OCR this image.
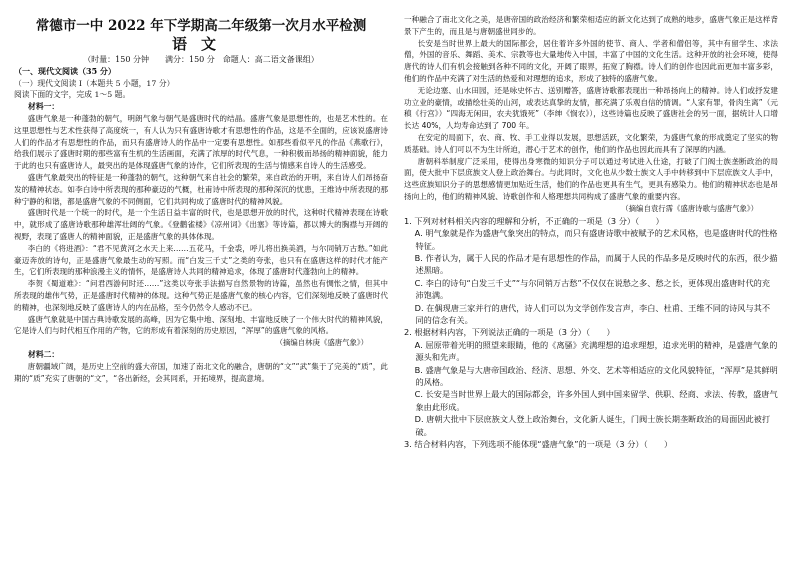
常德市一中 2022 年下学期高二年级第一次月水平检测
语文
（时量：150 分钟　　满分：150 分　命题人：高二语文备课组）
（一、现代文阅读（35 分）
（一）现代文阅读 I（本题共 5 小题，17 分）
阅读下面的文字，完成 1～5 题。
材料一：

盛唐气象是一种蓬勃的朝气，明朗气象与朝气是盛唐时代的结晶。盛唐气象是思想性的，也是艺术性的。在这里思想性与艺术性获得了高度统一，有人认为只有盛唐诗歌才有思想性的作品，这是不全面的，应该说盛唐诗人们的作品才有思想性的作品，而只有盛唐诗人的作品中一定要有思想性。如那些看似平凡的作品《燕歌行》，给我们展示了盛唐时期的那些富有生机的生活画面，充满了浓厚的时代气息，一种积极而昂扬的精神面貌，能力于此的也只有盛唐诗人，最突出的是体现盛唐气象的诗作，它们所表现的生活与情感来自诗人的生活感受。

盛唐气象最突出的特征是一种蓬勃的朝气，这种朝气来自社会的繁荣，来自政治的开明，来自诗人们昂扬奋发的精神状态。如李白诗中所表现的那种豪迈的气概，杜甫诗中所表现的那种深沉的忧患，王维诗中所表现的那种宁静的和谐，都是盛唐气象的不同侧面，它们共同构成了盛唐时代的精神风貌。

盛唐时代是一个统一的时代，是一个生活日益丰富的时代，也是思想开放的时代，这种时代精神表现在诗歌中，就形成了盛唐诗歌那种雄浑壮阔的气象。《登鹳雀楼》《凉州词》《出塞》等诗篇，都以博大的胸襟与开阔的视野，表现了盛唐人的精神面貌，正是盛唐气象的具体体现。

李白的《将进酒》：“君不见黄河之水天上来……五花马，千金裘，呼儿将出换美酒，与尔同销万古愁。”如此豪迈奔放的诗句，正是盛唐气象最生动的写照。而“白发三千丈”之类的夸张，也只有在盛唐这样的时代才能产生，它们所表现的那种浪漫主义的情怀，是盛唐诗人共同的精神追求，体现了盛唐时代蓬勃向上的精神。

李贺《蜀道难》：“问君西游何时还……”这类以夸张手法描写自然景物的诗篇，虽然也有惆怅之情，但其中所表现的雄伟气势，正是盛唐时代精神的体现。这种气势正是盛唐气象的核心内容，它们深刻地反映了盛唐时代的精神，也深刻地反映了盛唐诗人的内在品格，至今仍然令人感动不已。

盛唐气象就是中国古典诗歌发展的高峰，因为它集中地、深刻地、丰富地反映了一个伟大时代的精神风貌，它是诗人们与时代相互作用的产物，它的形成有着深刻的历史原因，“浑厚”的盛唐气象的风格。

（摘编自林庚《盛唐气象》）
材料二：

唐朝疆域广阔，是历史上空前的盛大帝国，加速了南北文化的融合，唐朝的“文”“武”集于了完美的“质”，此期的“质”充实了唐朝的“文”，“各出新经，会其同系，开拓境界，提高意境。

一种融合了南北文化之美，是唐帝国的政治经济和繁荣相适应的新文化达到了成熟的地步，盛唐气象正是这样背景下产生的，而且是与唐朝盛世同步的。

长安是当时世界上最大的国际都会，居住着许多外国的使节、商人、学者和僧侣等，其中有留学生、求法僧，外国的音乐、舞蹈、美术、宗教等也大量地传入中国，丰富了中国的文化生活。这种开放的社会环境，使得唐代的诗人们有机会接触到各种不同的文化，开阔了眼界，拓宽了胸襟。诗人们的创作也因此而更加丰富多彩，他们的作品中充满了对生活的热爱和对理想的追求，形成了独特的盛唐气象。

无论边塞、山水田园，还是咏史怀古、送别赠答，盛唐诗歌都表现出一种昂扬向上的精神。诗人们或抒发建功立业的豪情，或描绘壮美的山河，或表达真挚的友情，都充满了乐观自信的情调。“人家有罪，骨肉生离”（元稹《行宫》）“四海无闲田，农夫犹饿死”（李绅《悯农》），这些诗篇也反映了盛唐社会的另一面，据统计人口增长达 40%，人均寿命达到了 700 年。

在安定的局面下，农、商、牧、手工业得以发展，思想活跃，文化繁荣，为盛唐气象的形成奠定了坚实的物质基础。诗人们可以不为生计所迫，潜心于艺术的创作，他们的作品也因此而具有了深厚的内涵。

唐朝科举制度广泛采用，使得出身寒微的知识分子可以通过考试进入仕途，打破了门阀士族垄断政治的局面，使大批中下层庶族文人登上政治舞台。与此同时，文化也从少数士族文人手中转移到中下层庶族文人手中，这些庶族知识分子的思想感情更加贴近生活，他们的作品也更具有生气，更具有感染力。他们的精神状态也是昂扬向上的，他们的精神风貌、诗歌创作和人格理想共同构成了盛唐气象的重要内容。

（摘编自袁行霈《盛唐诗歌与盛唐气象》）

1. 下列对材料相关内容的理解和分析，不正确的一项是（3 分）（　　）

A. 明气象就是作为盛唐气象突出的特点，而只有盛唐诗歌中被赋予的艺术风格，也是盛唐时代的性格特征。

B. 作者认为，属于人民的作品才是有思想性的作品，而属于人民的作品多是反映时代的东西，很少描述黑暗。

C. 李白的诗句“白发三千丈”“与尔同销万古愁”不仅仅在说愁之多、愁之长，更体现出盛唐时代的充沛饱满。

D. 在偶现唐三家并行的唐代，诗人们可以为文学创作发言声，李白、杜甫、王维不同的诗风与其不同的信念有关。

2. 根据材料内容，下列说法正确的一项是（3 分）（　　）

A. 屈原带着光明的照望来眼睛，他的《离骚》充满理想的追求理想，追求光明的精神，是盛唐气象的源头和先声。

B. 盛唐气象是与大唐帝国政治、经济、思想、外交、艺术等相适应的文化风貌特征，“浑厚”是其鲜明的风格。

C. 长安是当时世界上最大的国际都会，许多外国人到中国来留学、供职、经商、求法、传教，盛唐气象由此形成。

D. 唐朝大批中下层庶族文人登上政治舞台，文化新人诞生，门阀士族长期垄断政治的局面因此被打破。

3. 结合材料内容，下列选项不能体现“盛唐气象”的一项是（3 分）（　　）
